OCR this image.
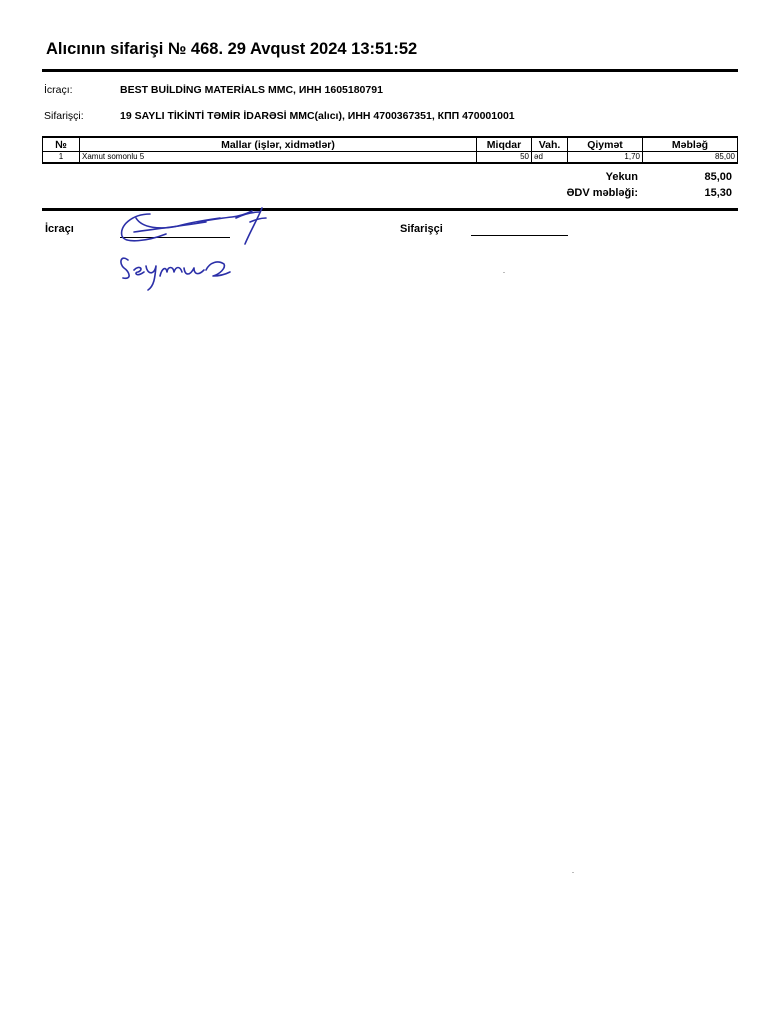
Alıcının sifarişi № 468. 29 Avqust 2024 13:51:52
İcraçı:	BEST BUİLDİNG MATERİALS MMC, ИНН 1605180791
Sifarişçi:	19 SAYLI TİKİNTİ TƏMİR İDARƏSİ MMC(alıcı), ИНН 4700367351, КПП 470001001
№	Mallar (işlər, xidmətlər)	Miqdar	Vah.	Qiymət	Məbləğ
1	Xamut somonlu 5	50	əd	1,70	85,00
Yekun	85,00
ƏDV məbləği:	15,30
İcraçı	Sifarişçi
